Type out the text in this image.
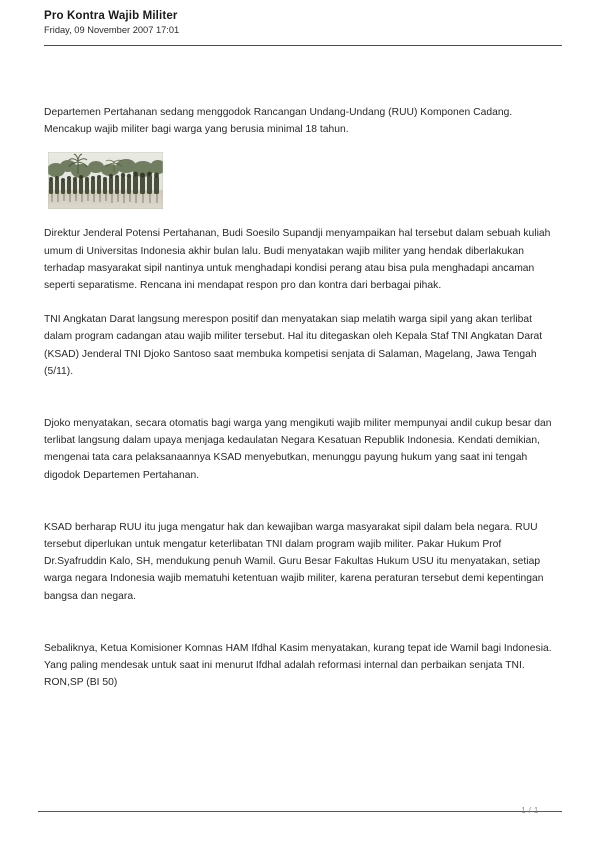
Pro Kontra Wajib Militer
Friday, 09 November 2007 17:01

Departemen Pertahanan sedang menggodok Rancangan Undang-Undang (RUU) Komponen Cadang. Mencakup wajib militer bagi warga yang berusia minimal 18 tahun.

Direktur Jenderal Potensi Pertahanan, Budi Soesilo Supandji menyampaikan hal tersebut dalam sebuah kuliah umum di Universitas Indonesia akhir bulan lalu. Budi menyatakan wajib militer yang hendak diberlakukan terhadap masyarakat sipil nantinya untuk menghadapi kondisi perang atau bisa pula menghadapi ancaman seperti separatisme. Rencana ini mendapat respon pro dan kontra dari berbagai pihak.

TNI Angkatan Darat langsung merespon positif dan menyatakan siap melatih warga sipil yang akan terlibat dalam program cadangan atau wajib militer tersebut. Hal itu ditegaskan oleh Kepala Staf TNI Angkatan Darat (KSAD) Jenderal TNI Djoko Santoso saat membuka kompetisi senjata di Salaman, Magelang, Jawa Tengah (5/11).

Djoko menyatakan, secara otomatis bagi warga yang mengikuti wajib militer mempunyai andil cukup besar dan terlibat langsung dalam upaya menjaga kedaulatan Negara Kesatuan Republik Indonesia. Kendati demikian, mengenai tata cara pelaksanaannya KSAD menyebutkan, menunggu payung hukum yang saat ini tengah digodok Departemen Pertahanan.

KSAD berharap RUU itu juga mengatur hak dan kewajiban warga masyarakat sipil dalam bela negara. RUU tersebut diperlukan untuk mengatur keterlibatan TNI dalam program wajib militer. Pakar Hukum Prof Dr.Syafruddin Kalo, SH, mendukung penuh Wamil. Guru Besar Fakultas Hukum USU itu menyatakan, setiap warga negara Indonesia wajib mematuhi ketentuan wajib militer, karena peraturan tersebut demi kepentingan bangsa dan negara.

Sebaliknya, Ketua Komisioner Komnas HAM Ifdhal Kasim menyatakan, kurang tepat ide Wamil bagi Indonesia. Yang paling mendesak untuk saat ini menurut Ifdhal adalah reformasi internal dan perbaikan senjata TNI. RON,SP (BI 50)

1 / 1
